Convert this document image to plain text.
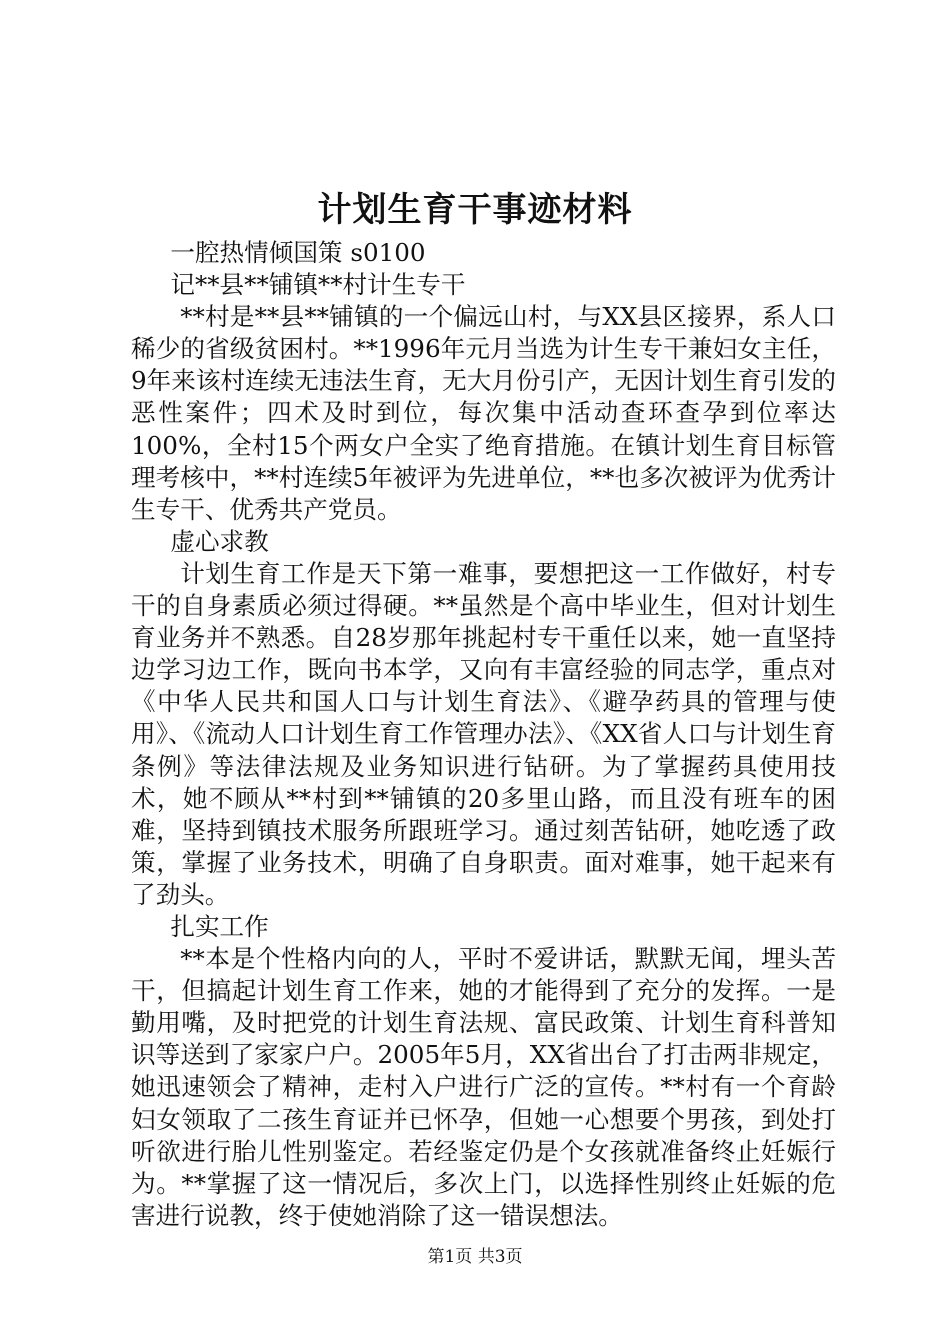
计划生育干事迹材料

一腔热情倾国策 s0100

记**县**铺镇**村计生专干

**村是**县**铺镇的一个偏远山村，与XX县区接界，系人口稀少的省级贫困村。**1996年元月当选为计生专干兼妇女主任，9年来该村连续无违法生育，无大月份引产，无因计划生育引发的恶性案件；四术及时到位，每次集中活动查环查孕到位率达100%，全村15个两女户全实了绝育措施。在镇计划生育目标管理考核中，**村连续5年被评为先进单位，**也多次被评为优秀计生专干、优秀共产党员。

虚心求教

计划生育工作是天下第一难事，要想把这一工作做好，村专干的自身素质必须过得硬。**虽然是个高中毕业生，但对计划生育业务并不熟悉。自28岁那年挑起村专干重任以来，她一直坚持边学习边工作，既向书本学，又向有丰富经验的同志学，重点对《中华人民共和国人口与计划生育法》、《避孕药具的管理与使用》、《流动人口计划生育工作管理办法》、《XX省人口与计划生育条例》等法律法规及业务知识进行钻研。为了掌握药具使用技术，她不顾从**村到**铺镇的20多里山路，而且没有班车的困难，坚持到镇技术服务所跟班学习。通过刻苦钻研，她吃透了政策，掌握了业务技术，明确了自身职责。面对难事，她干起来有了劲头。

扎实工作

**本是个性格内向的人，平时不爱讲话，默默无闻，埋头苦干，但搞起计划生育工作来，她的才能得到了充分的发挥。一是勤用嘴，及时把党的计划生育法规、富民政策、计划生育科普知识等送到了家家户户。2005年5月，XX省出台了打击两非规定，她迅速领会了精神，走村入户进行广泛的宣传。**村有一个育龄妇女领取了二孩生育证并已怀孕，但她一心想要个男孩，到处打听欲进行胎儿性别鉴定。若经鉴定仍是个女孩就准备终止妊娠行为。**掌握了这一情况后，多次上门，以选择性别终止妊娠的危害进行说教，终于使她消除了这一错误想法。

第1页 共3页
